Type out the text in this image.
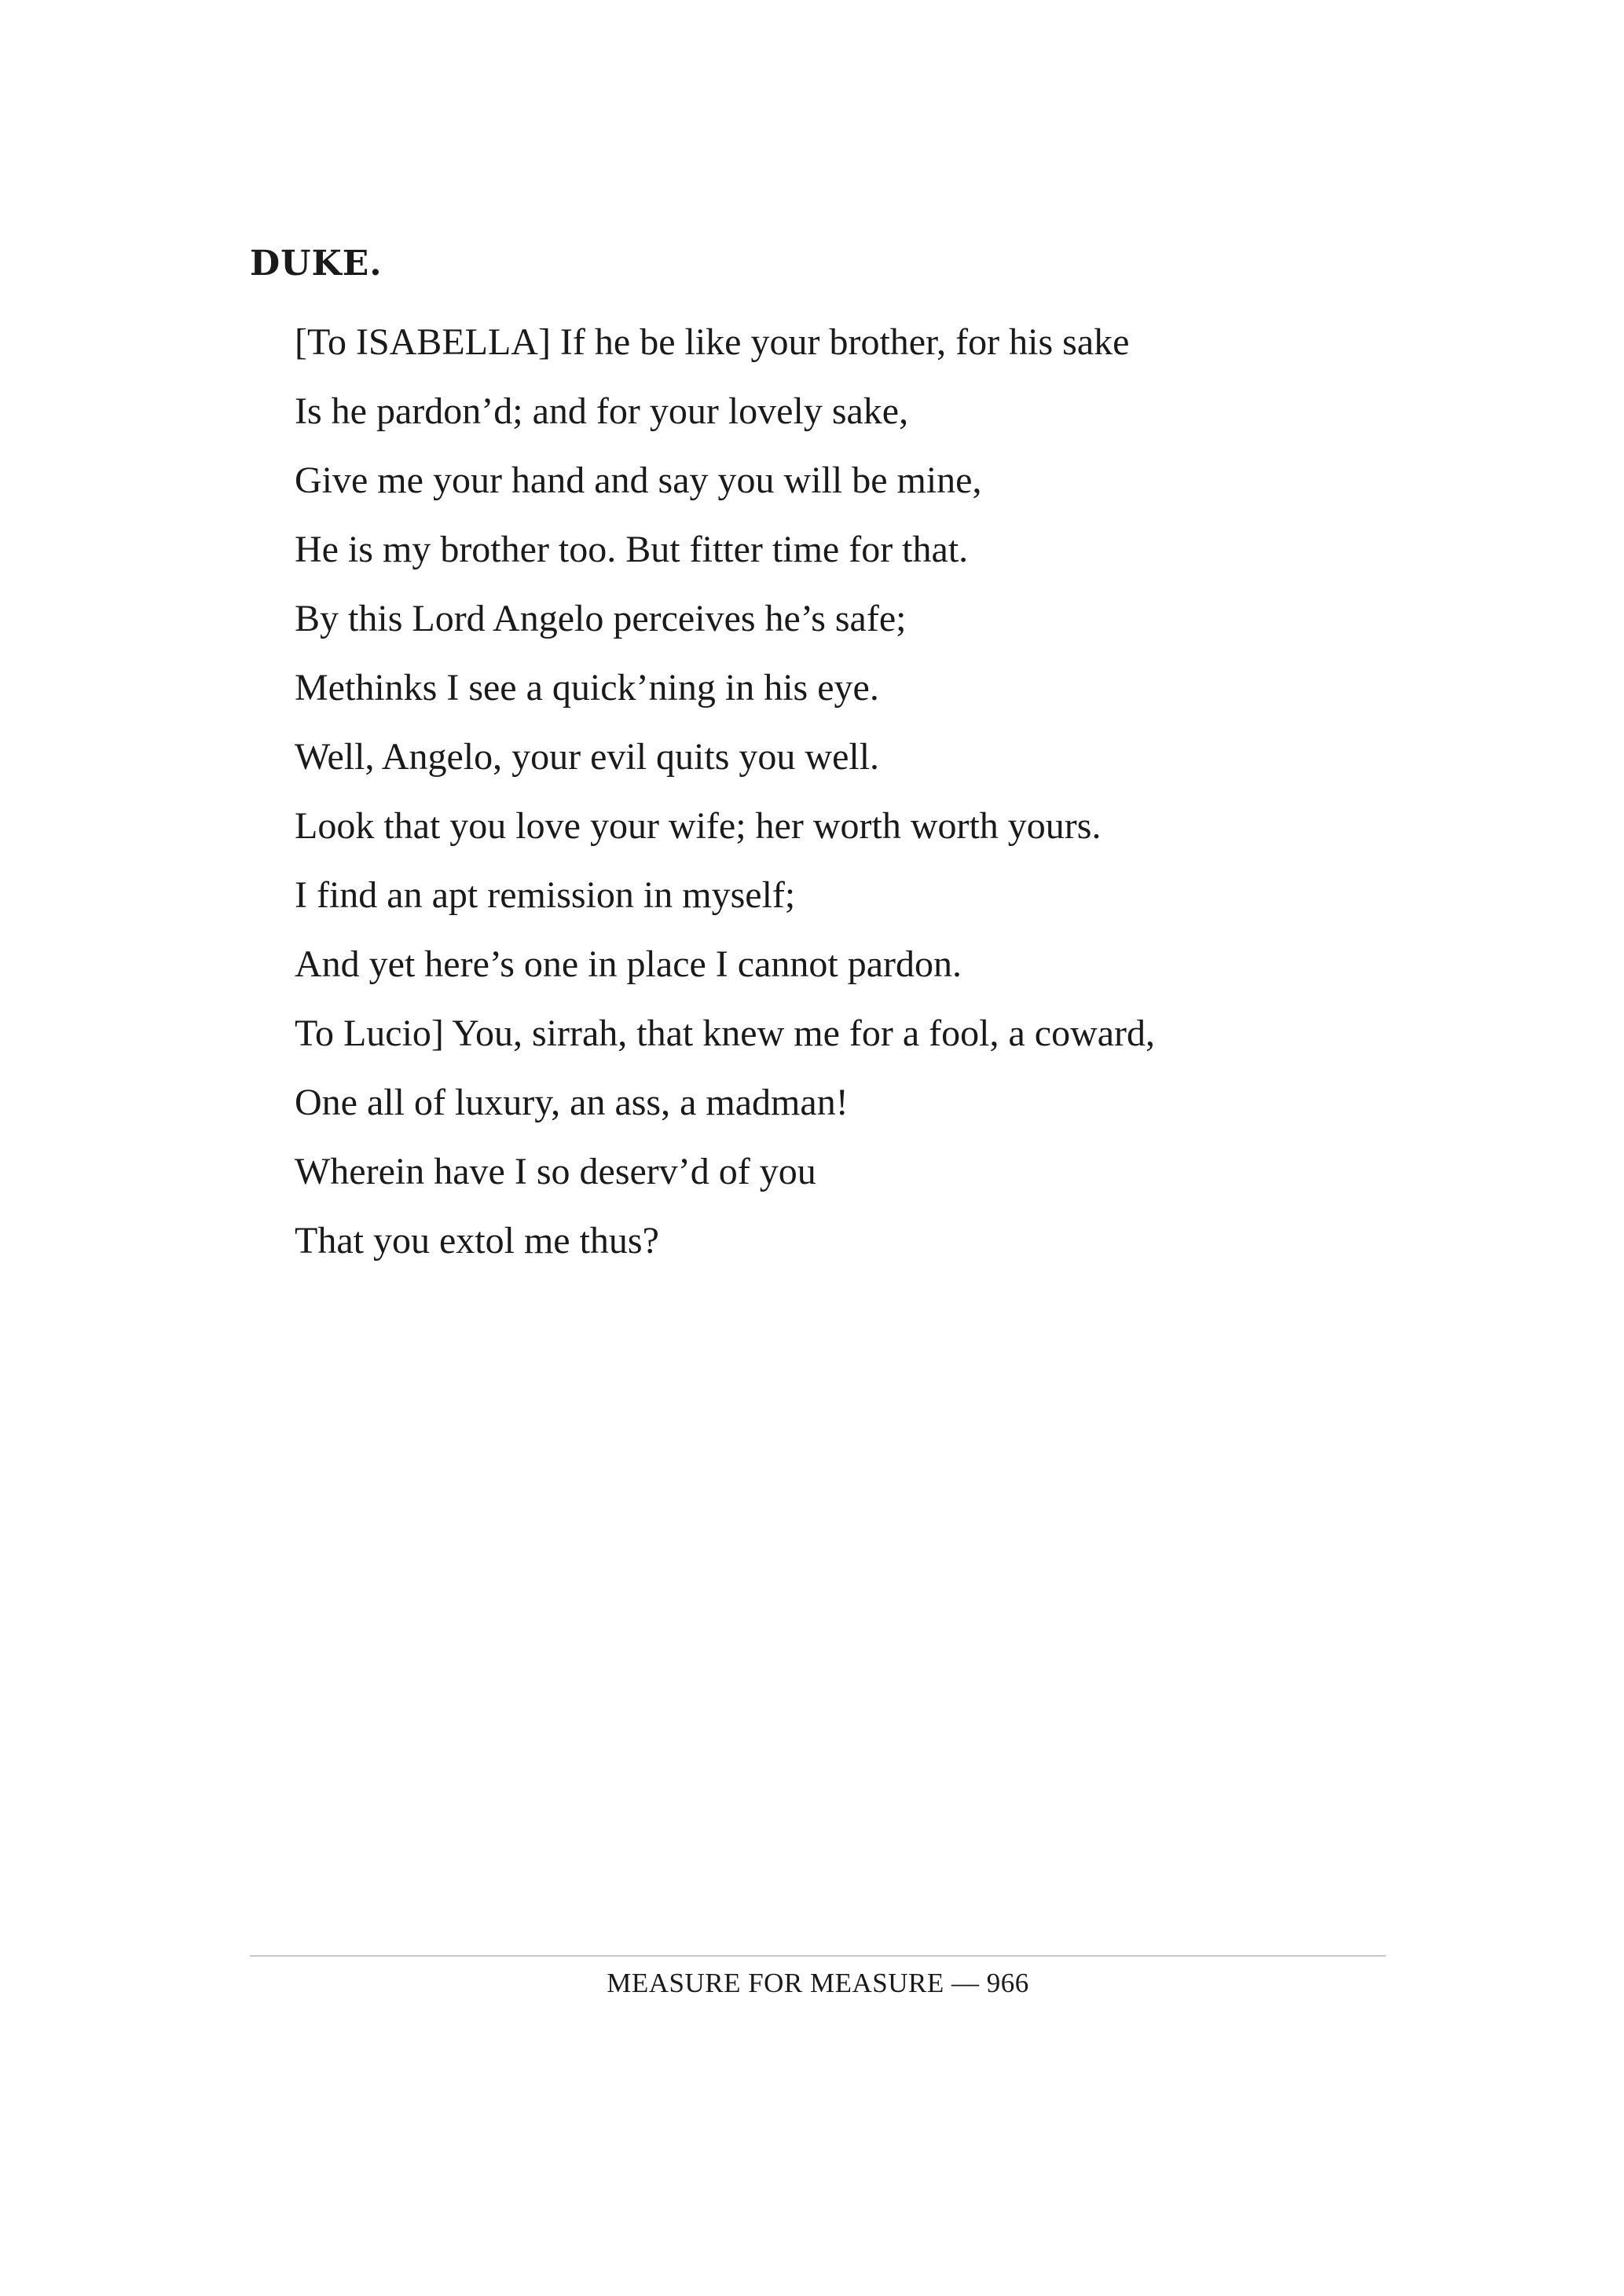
DUKE.
[To ISABELLA] If he be like your brother, for his sake
Is he pardon’d; and for your lovely sake,
Give me your hand and say you will be mine,
He is my brother too. But fitter time for that.
By this Lord Angelo perceives he’s safe;
Methinks I see a quick’ning in his eye.
Well, Angelo, your evil quits you well.
Look that you love your wife; her worth worth yours.
I find an apt remission in myself;
And yet here’s one in place I cannot pardon.
To Lucio] You, sirrah, that knew me for a fool, a coward,
One all of luxury, an ass, a madman!
Wherein have I so deserv’d of you
That you extol me thus?
MEASURE FOR MEASURE — 966
